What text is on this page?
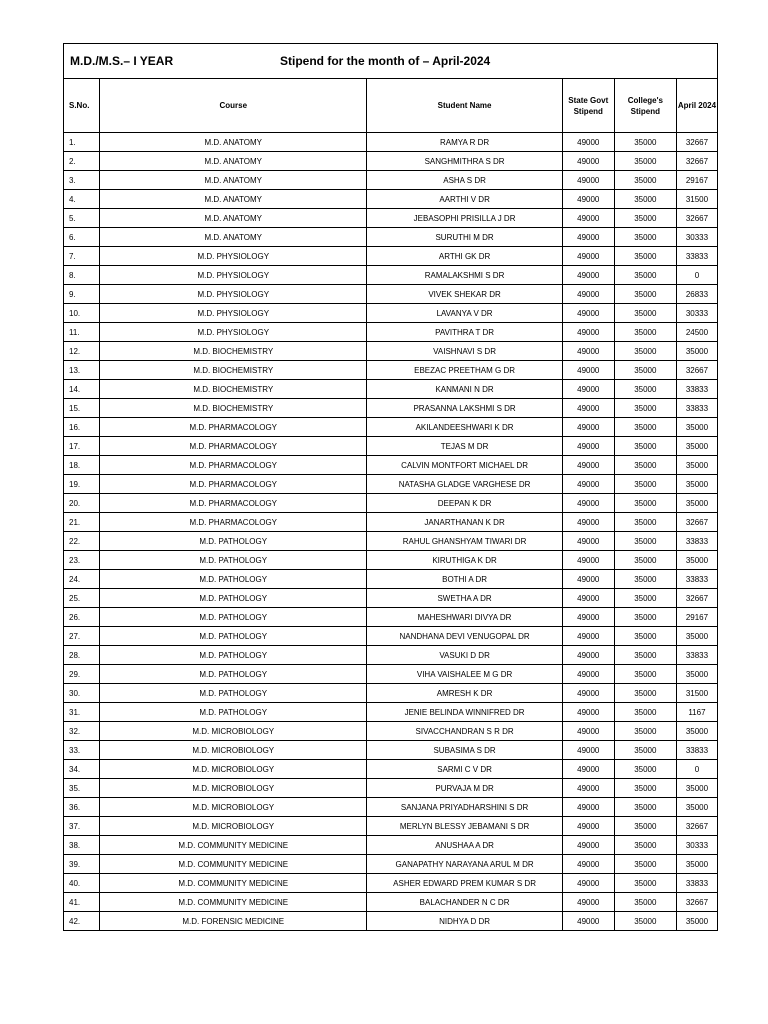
M.D./M.S.– I YEAR Stipend for the month of – April-2024					
S.No.	Course	Student Name	State Govt Stipend	College's Stipend	April 2024
1.	M.D. ANATOMY	RAMYA R DR	49000	35000	32667
2.	M.D. ANATOMY	SANGHMITHRA S DR	49000	35000	32667
3.	M.D. ANATOMY	ASHA S DR	49000	35000	29167
4.	M.D. ANATOMY	AARTHI V DR	49000	35000	31500
5.	M.D. ANATOMY	JEBASOPHI PRISILLA J DR	49000	35000	32667
6.	M.D. ANATOMY	SURUTHI M DR	49000	35000	30333
7.	M.D. PHYSIOLOGY	ARTHI GK DR	49000	35000	33833
8.	M.D. PHYSIOLOGY	RAMALAKSHMI S DR	49000	35000	0
9.	M.D. PHYSIOLOGY	VIVEK SHEKAR DR	49000	35000	26833
10.	M.D. PHYSIOLOGY	LAVANYA V DR	49000	35000	30333
11.	M.D. PHYSIOLOGY	PAVITHRA T DR	49000	35000	24500
12.	M.D. BIOCHEMISTRY	VAISHNAVI S DR	49000	35000	35000
13.	M.D. BIOCHEMISTRY	EBEZAC PREETHAM G DR	49000	35000	32667
14.	M.D. BIOCHEMISTRY	KANMANI N DR	49000	35000	33833
15.	M.D. BIOCHEMISTRY	PRASANNA LAKSHMI S DR	49000	35000	33833
16.	M.D. PHARMACOLOGY	AKILANDEESHWARI K DR	49000	35000	35000
17.	M.D. PHARMACOLOGY	TEJAS M DR	49000	35000	35000
18.	M.D. PHARMACOLOGY	CALVIN MONTFORT MICHAEL DR	49000	35000	35000
19.	M.D. PHARMACOLOGY	NATASHA GLADGE VARGHESE DR	49000	35000	35000
20.	M.D. PHARMACOLOGY	DEEPAN K DR	49000	35000	35000
21.	M.D. PHARMACOLOGY	JANARTHANAN K DR	49000	35000	32667
22.	M.D. PATHOLOGY	RAHUL GHANSHYAM TIWARI DR	49000	35000	33833
23.	M.D. PATHOLOGY	KIRUTHIGA K DR	49000	35000	35000
24.	M.D. PATHOLOGY	BOTHI A DR	49000	35000	33833
25.	M.D. PATHOLOGY	SWETHA A DR	49000	35000	32667
26.	M.D. PATHOLOGY	MAHESHWARI DIVYA DR	49000	35000	29167
27.	M.D. PATHOLOGY	NANDHANA DEVI VENUGOPAL DR	49000	35000	35000
28.	M.D. PATHOLOGY	VASUKI D DR	49000	35000	33833
29.	M.D. PATHOLOGY	VIHA VAISHALEE M G DR	49000	35000	35000
30.	M.D. PATHOLOGY	AMRESH K DR	49000	35000	31500
31.	M.D. PATHOLOGY	JENIE BELINDA WINNIFRED DR	49000	35000	1167
32.	M.D. MICROBIOLOGY	SIVACCHANDRAN S R DR	49000	35000	35000
33.	M.D. MICROBIOLOGY	SUBASIMA S DR	49000	35000	33833
34.	M.D. MICROBIOLOGY	SARMI C V DR	49000	35000	0
35.	M.D. MICROBIOLOGY	PURVAJA M DR	49000	35000	35000
36.	M.D. MICROBIOLOGY	SANJANA PRIYADHARSHINI S DR	49000	35000	35000
37.	M.D. MICROBIOLOGY	MERLYN BLESSY JEBAMANI S DR	49000	35000	32667
38.	M.D. COMMUNITY MEDICINE	ANUSHAA A DR	49000	35000	30333
39.	M.D. COMMUNITY MEDICINE	GANAPATHY NARAYANA ARUL M DR	49000	35000	35000
40.	M.D. COMMUNITY MEDICINE	ASHER EDWARD PREM KUMAR S DR	49000	35000	33833
41.	M.D. COMMUNITY MEDICINE	BALACHANDER N C DR	49000	35000	32667
42.	M.D. FORENSIC MEDICINE	NIDHYA D DR	49000	35000	35000
